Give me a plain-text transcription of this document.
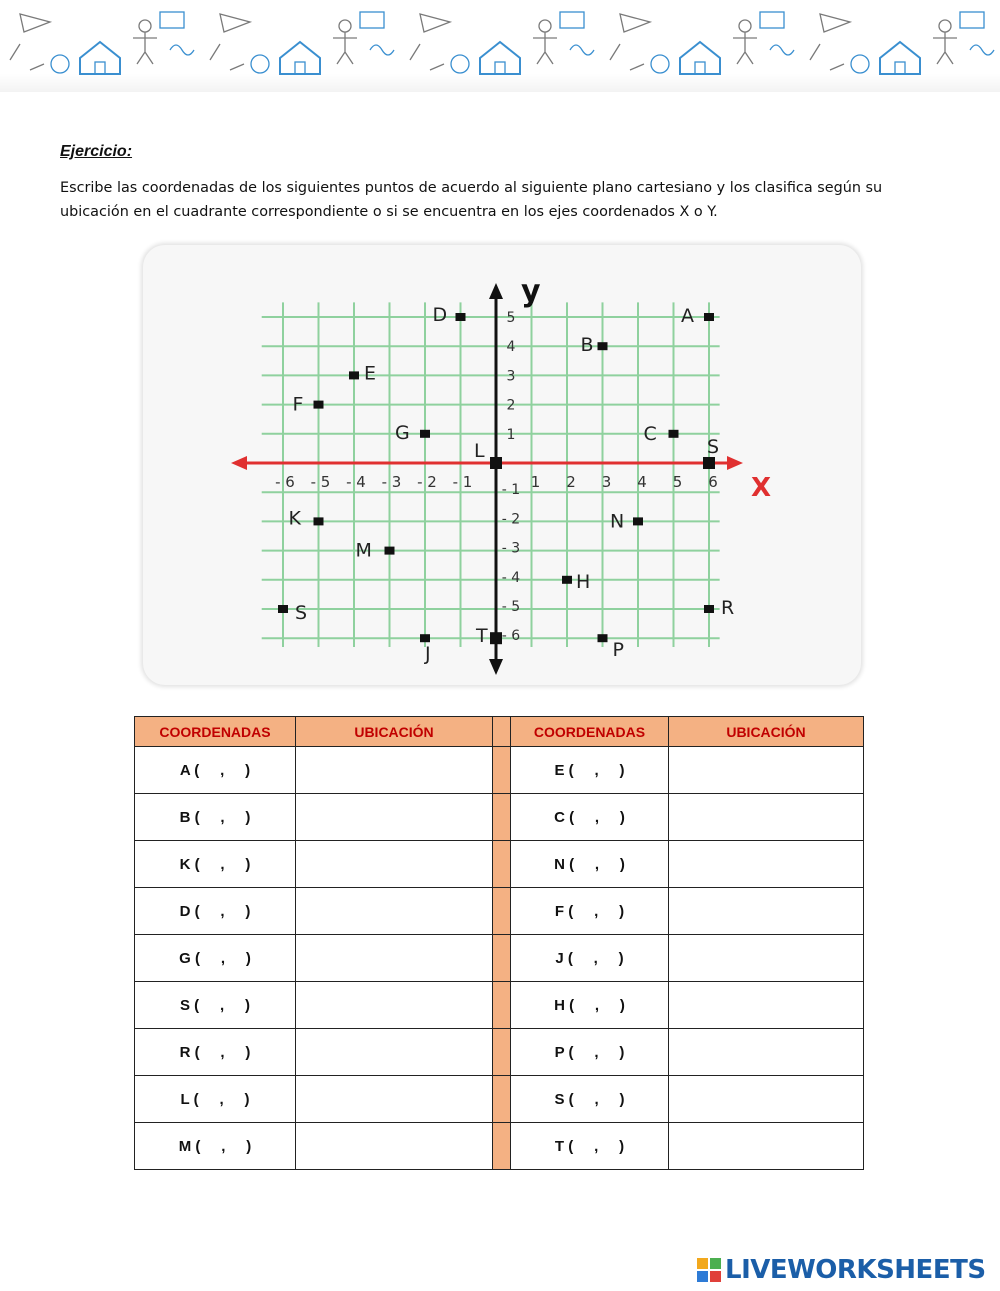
Ejercicio:
Escribe las coordenadas de los siguientes puntos de acuerdo al siguiente plano cartesiano y los clasifica según su ubicación en el cuadrante correspondiente o si se encuentra en los ejes coordenados X o Y.
X
y
- 6 - 5 - 4 - 3 - 2 - 1	1 2 3 4 5 6
5
4
3
2
1
- 1
- 2
- 3
- 4
- 5
- 6
A
B
C
D
E
F
G
H
J
K
L
M
N
P
R
S
S
T
COORDENADAS	UBICACIÓN		COORDENADAS	UBICACIÓN
A (     ,     )			E (     ,     )	
B (     ,     )			C (     ,     )	
K (     ,     )			N (     ,     )	
D (     ,     )			F (     ,     )	
G (     ,     )			J (     ,     )	
S (     ,     )			H (     ,     )	
R (     ,     )			P (     ,     )	
L (     ,     )			S (     ,     )	
M (     ,     )			T (     ,     )	
LIVEWORKSHEETS
